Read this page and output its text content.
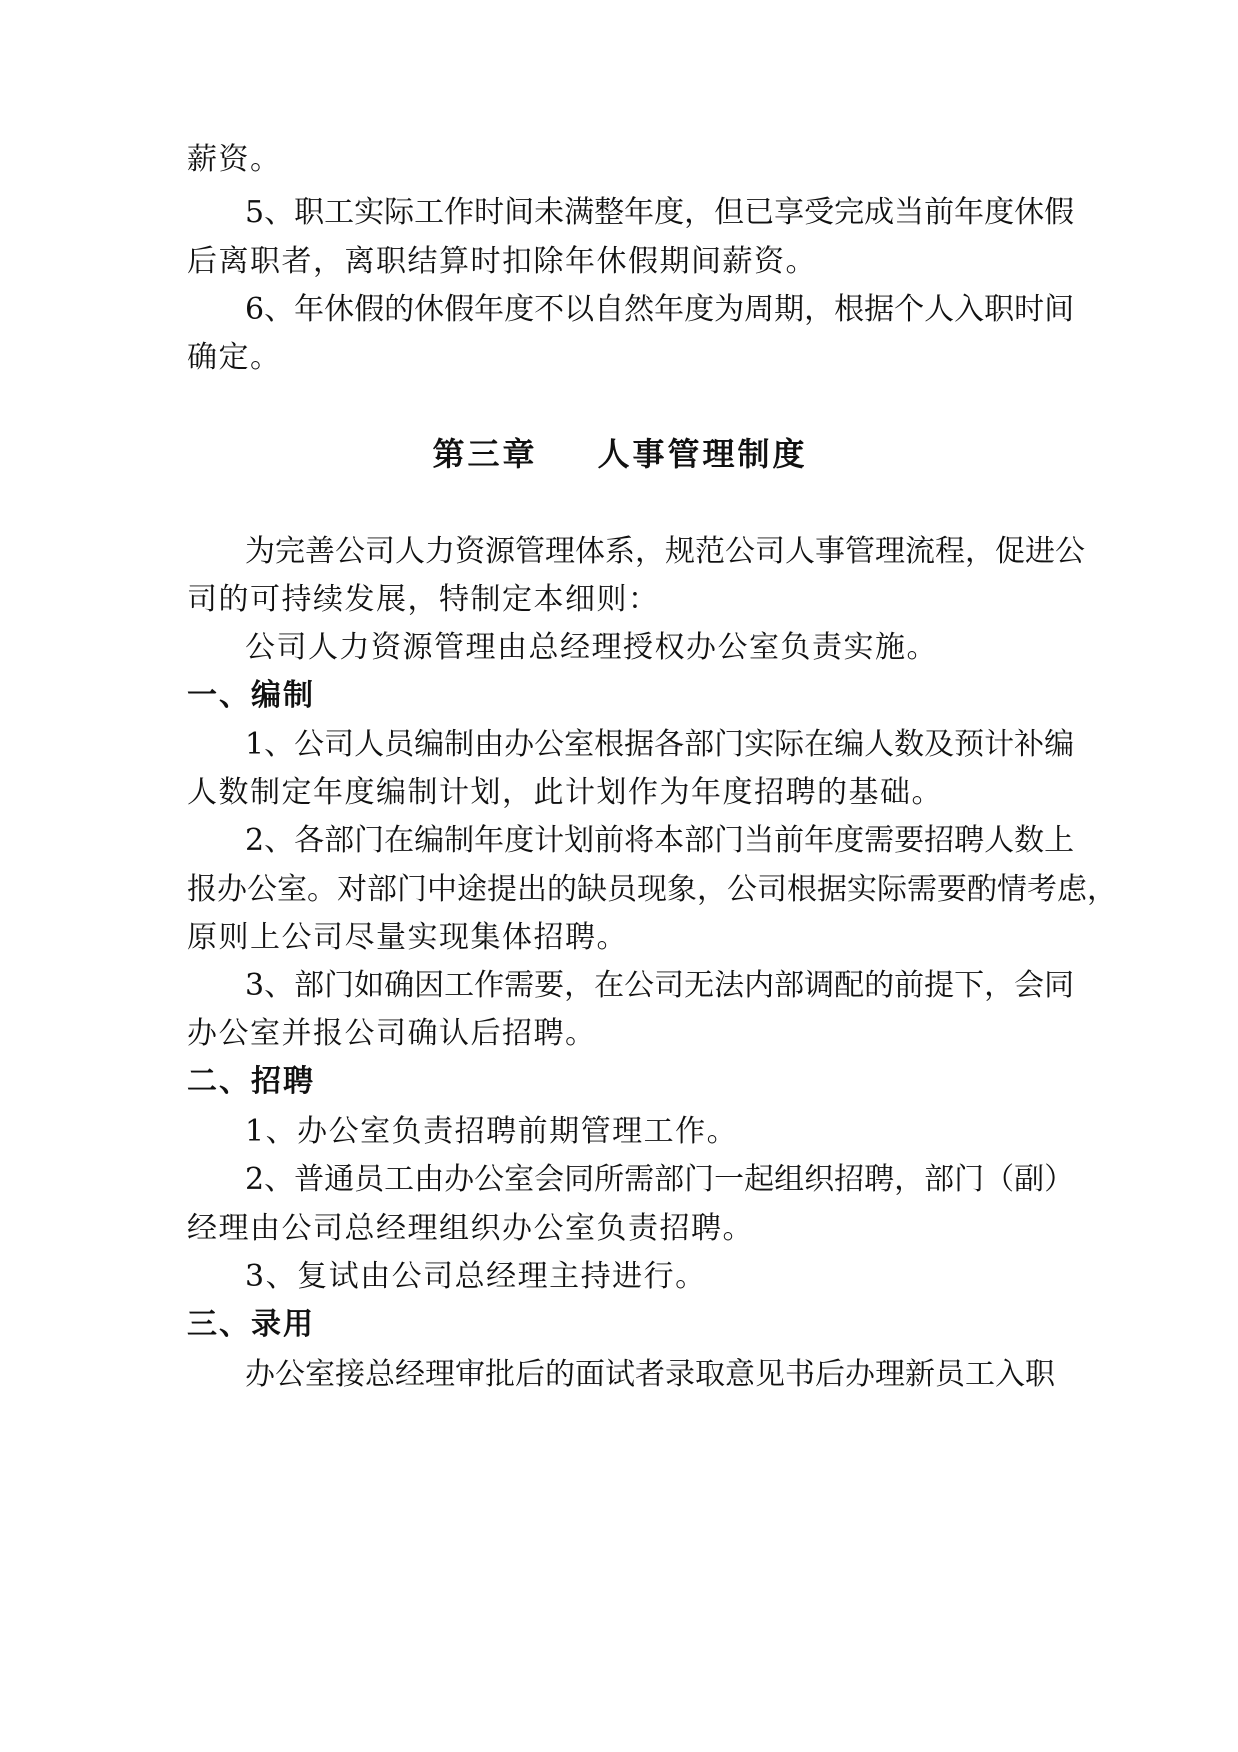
薪资。
5、职工实际工作时间未满整年度，但已享受完成当前年度休假
后离职者，离职结算时扣除年休假期间薪资。
6、年休假的休假年度不以自然年度为周期，根据个人入职时间
确定。
第三章 人事管理制度
为完善公司人力资源管理体系，规范公司人事管理流程，促进公
司的可持续发展，特制定本细则：
公司人力资源管理由总经理授权办公室负责实施。
一、编制
1、公司人员编制由办公室根据各部门实际在编人数及预计补编
人数制定年度编制计划，此计划作为年度招聘的基础。
2、各部门在编制年度计划前将本部门当前年度需要招聘人数上
报办公室。对部门中途提出的缺员现象，公司根据实际需要酌情考虑，
原则上公司尽量实现集体招聘。
3、部门如确因工作需要，在公司无法内部调配的前提下，会同
办公室并报公司确认后招聘。
二、招聘
1、办公室负责招聘前期管理工作。
2、普通员工由办公室会同所需部门一起组织招聘，部门（副）
经理由公司总经理组织办公室负责招聘。
3、复试由公司总经理主持进行。
三、录用
办公室接总经理审批后的面试者录取意见书后办理新员工入职
